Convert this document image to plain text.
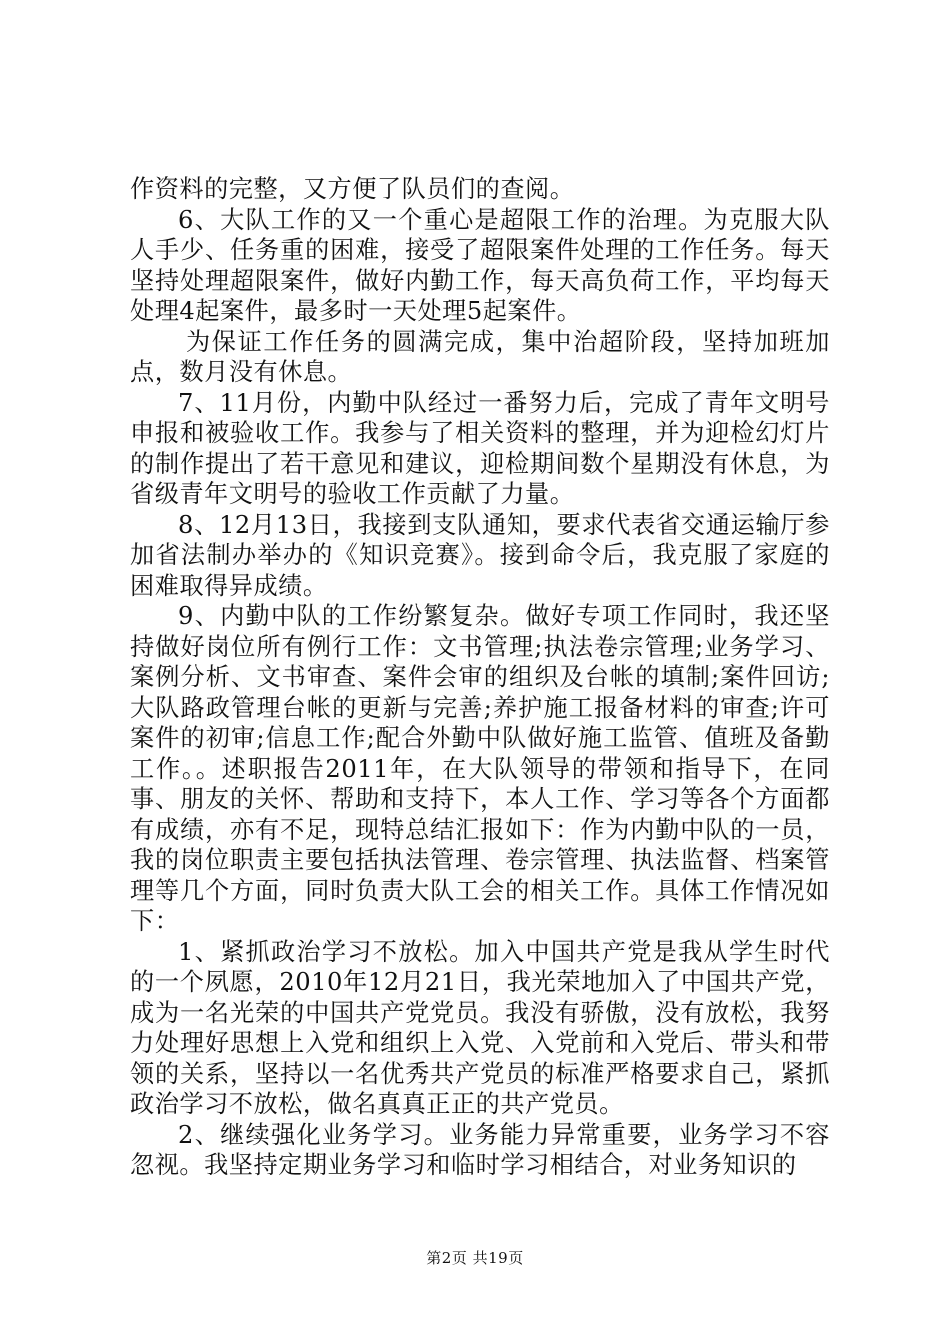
作资料的完整，又方便了队员们的查阅。

6、大队工作的又一个重心是超限工作的治理。为克服大队人手少、任务重的困难，接受了超限案件处理的工作任务。每天坚持处理超限案件，做好内勤工作，每天高负荷工作，平均每天处理4起案件，最多时一天处理5起案件。

为保证工作任务的圆满完成，集中治超阶段，坚持加班加点，数月没有休息。

7、11月份，内勤中队经过一番努力后，完成了青年文明号申报和被验收工作。我参与了相关资料的整理，并为迎检幻灯片的制作提出了若干意见和建议，迎检期间数个星期没有休息，为省级青年文明号的验收工作贡献了力量。

8、12月13日，我接到支队通知，要求代表省交通运输厅参加省法制办举办的《知识竞赛》。接到命令后，我克服了家庭的困难取得异成绩。

9、内勤中队的工作纷繁复杂。做好专项工作同时，我还坚持做好岗位所有例行工作：文书管理;执法卷宗管理;业务学习、案例分析、文书审查、案件会审的组织及台帐的填制;案件回访;大队路政管理台帐的更新与完善;养护施工报备材料的审查;许可案件的初审;信息工作;配合外勤中队做好施工监管、值班及备勤工作。。述职报告2011年，在大队领导的带领和指导下，在同事、朋友的关怀、帮助和支持下，本人工作、学习等各个方面都有成绩，亦有不足，现特总结汇报如下：作为内勤中队的一员，我的岗位职责主要包括执法管理、卷宗管理、执法监督、档案管理等几个方面，同时负责大队工会的相关工作。具体工作情况如下：

1、紧抓政治学习不放松。加入中国共产党是我从学生时代的一个夙愿，2010年12月21日，我光荣地加入了中国共产党，成为一名光荣的中国共产党党员。我没有骄傲，没有放松，我努力处理好思想上入党和组织上入党、入党前和入党后、带头和带领的关系，坚持以一名优秀共产党员的标准严格要求自己，紧抓政治学习不放松，做名真真正正的共产党员。

2、继续强化业务学习。业务能力异常重要，业务学习不容忽视。我坚持定期业务学习和临时学习相结合，对业务知识的

第2页 共19页
